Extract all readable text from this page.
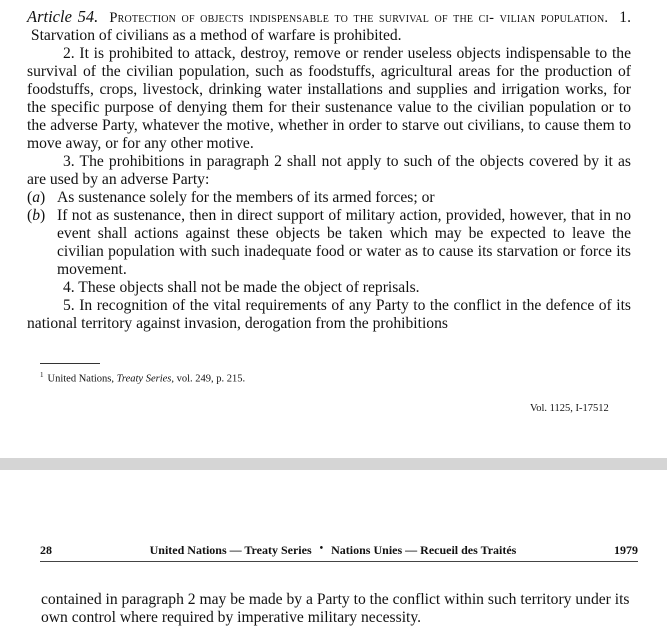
Article 54. Protection of objects indispensable to the survival of the ci- vilian population. 1.  Starvation of civilians as a method of warfare is prohibited.

2. It is prohibited to attack, destroy, remove or render useless objects indispensable to the survival of the civilian population, such as foodstuffs, agricultural areas for the production of foodstuffs, crops, livestock, drinking water installations and supplies and irrigation works, for the specific purpose of denying them for their sustenance value to the civilian population or to the adverse Party, whatever the motive, whether in order to starve out civilians, to cause them to move away, or for any other motive.

3. The prohibitions in paragraph 2 shall not apply to such of the objects covered by it as are used by an adverse Party:

(a) As sustenance solely for the members of its armed forces; or
(b) If not as sustenance, then in direct support of military action, provided, however, that in no event shall actions against these objects be taken which may be expected to leave the civilian population with such inadequate food or water as to cause its starvation or force its movement.

4. These objects shall not be made the object of reprisals.

5. In recognition of the vital requirements of any Party to the conflict in the defence of its national territory against invasion, derogation from the prohibitions

$^1$ United Nations, Treaty Series, vol. 249, p. 215.
Vol. 1125, I-17512
28	United Nations — Treaty Series • Nations Unies — Recueil des Traités	1979

contained in paragraph 2 may be made by a Party to the conflict within such territory under its own control where required by imperative military necessity.
